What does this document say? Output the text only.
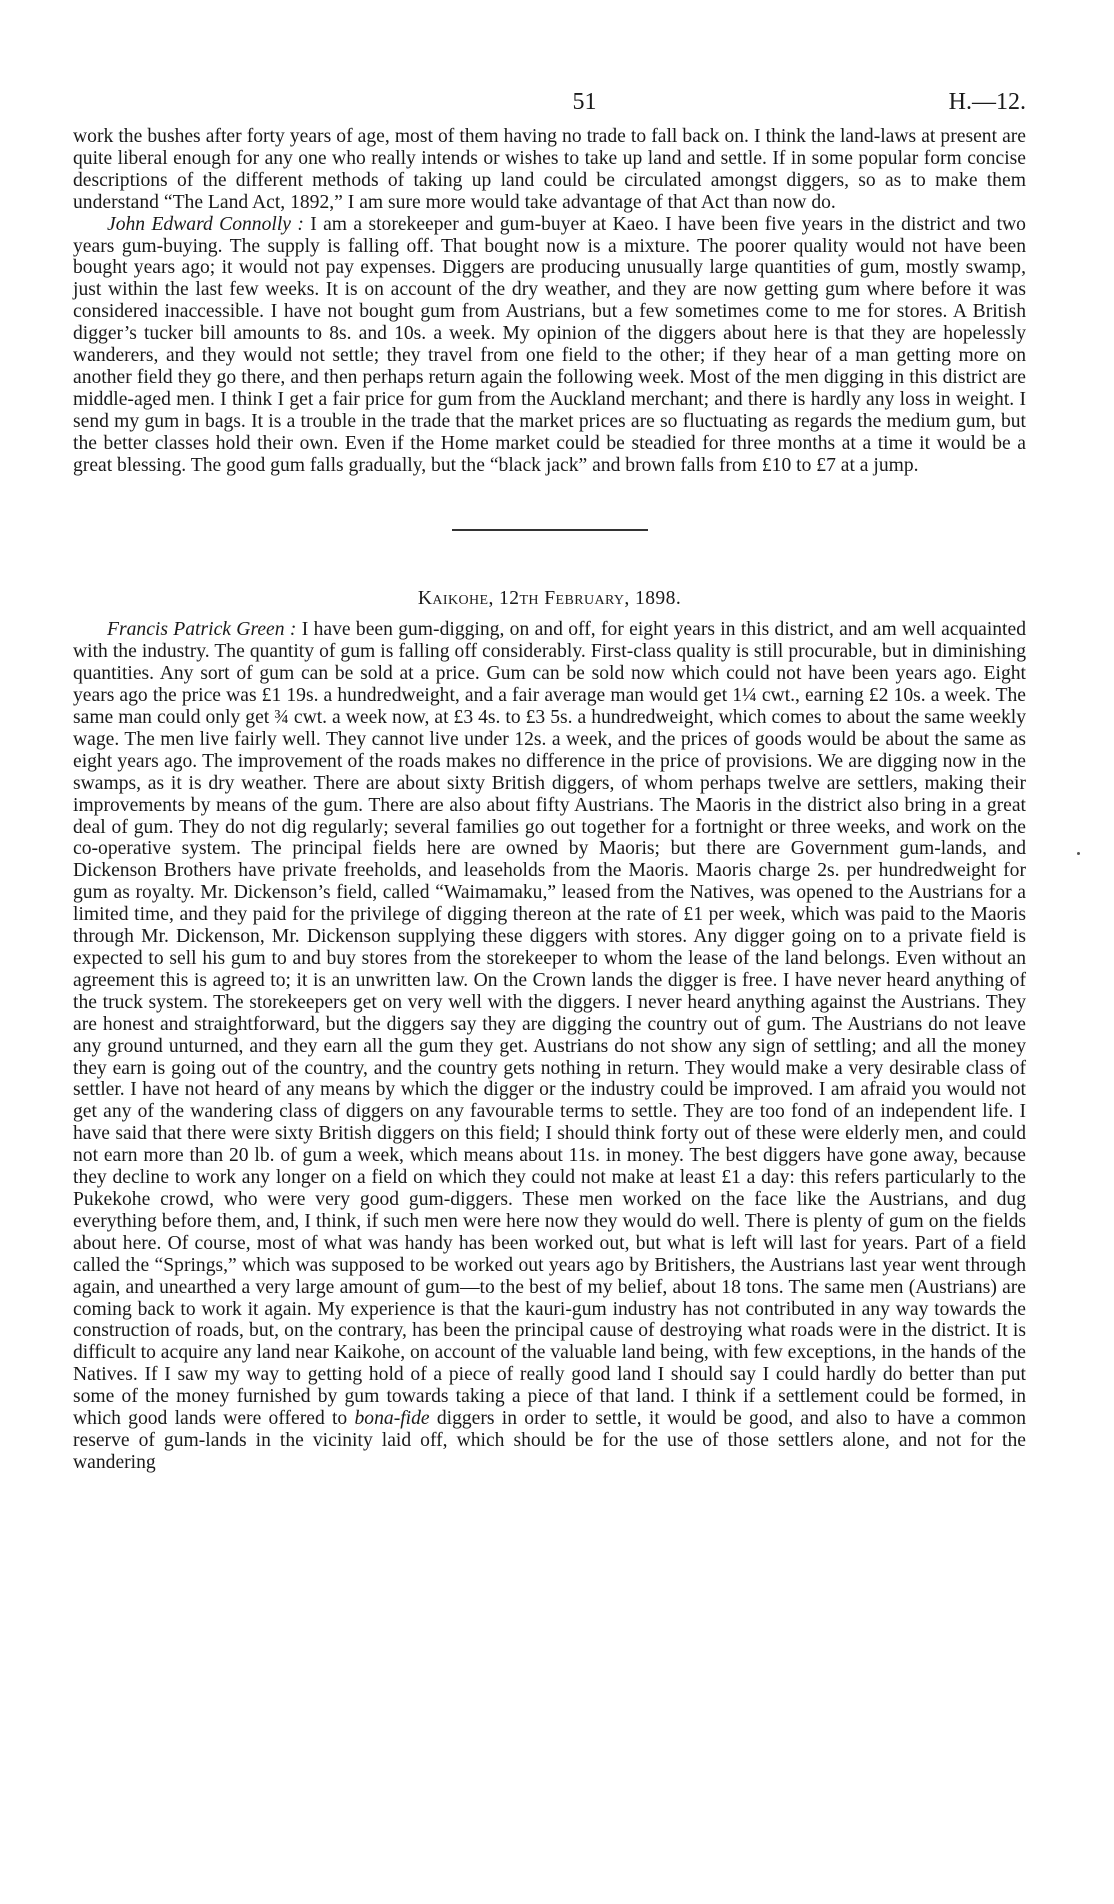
51	H.—12.

work the bushes after forty years of age, most of them having no trade to fall back on. I think the land-laws at present are quite liberal enough for any one who really intends or wishes to take up land and settle. If in some popular form concise descriptions of the different methods of taking up land could be circulated amongst diggers, so as to make them understand “The Land Act, 1892,” I am sure more would take advantage of that Act than now do.

John Edward Connolly : I am a storekeeper and gum-buyer at Kaeo. I have been five years in the district and two years gum-buying. The supply is falling off. That bought now is a mixture. The poorer quality would not have been bought years ago; it would not pay expenses. Diggers are producing unusually large quantities of gum, mostly swamp, just within the last few weeks. It is on account of the dry weather, and they are now getting gum where before it was considered inaccessible. I have not bought gum from Austrians, but a few sometimes come to me for stores. A British digger’s tucker bill amounts to 8s. and 10s. a week. My opinion of the diggers about here is that they are hopelessly wanderers, and they would not settle; they travel from one field to the other; if they hear of a man getting more on another field they go there, and then perhaps return again the following week. Most of the men digging in this district are middle-aged men. I think I get a fair price for gum from the Auckland merchant; and there is hardly any loss in weight. I send my gum in bags. It is a trouble in the trade that the market prices are so fluctuating as regards the medium gum, but the better classes hold their own. Even if the Home market could be steadied for three months at a time it would be a great blessing. The good gum falls gradually, but the “black jack” and brown falls from £10 to £7 at a jump.

Kaikohe, 12th February, 1898.

Francis Patrick Green : I have been gum-digging, on and off, for eight years in this district, and am well acquainted with the industry. The quantity of gum is falling off considerably. First-class quality is still procurable, but in diminishing quantities. Any sort of gum can be sold at a price. Gum can be sold now which could not have been years ago. Eight years ago the price was £1 19s. a hundredweight, and a fair average man would get 1¼ cwt., earning £2 10s. a week. The same man could only get ¾ cwt. a week now, at £3 4s. to £3 5s. a hundredweight, which comes to about the same weekly wage. The men live fairly well. They cannot live under 12s. a week, and the prices of goods would be about the same as eight years ago. The improvement of the roads makes no difference in the price of provisions. We are digging now in the swamps, as it is dry weather. There are about sixty British diggers, of whom perhaps twelve are settlers, making their improvements by means of the gum. There are also about fifty Austrians. The Maoris in the district also bring in a great deal of gum. They do not dig regularly; several families go out together for a fortnight or three weeks, and work on the co-operative system. The principal fields here are owned by Maoris; but there are Government gum-lands, and Dickenson Brothers have private freeholds, and leaseholds from the Maoris. Maoris charge 2s. per hundredweight for gum as royalty. Mr. Dickenson’s field, called “Waimamaku,” leased from the Natives, was opened to the Austrians for a limited time, and they paid for the privilege of digging thereon at the rate of £1 per week, which was paid to the Maoris through Mr. Dickenson, Mr. Dickenson supplying these diggers with stores. Any digger going on to a private field is expected to sell his gum to and buy stores from the storekeeper to whom the lease of the land belongs. Even without an agreement this is agreed to; it is an unwritten law. On the Crown lands the digger is free. I have never heard anything of the truck system. The storekeepers get on very well with the diggers. I never heard anything against the Austrians. They are honest and straightforward, but the diggers say they are digging the country out of gum. The Austrians do not leave any ground unturned, and they earn all the gum they get. Austrians do not show any sign of settling; and all the money they earn is going out of the country, and the country gets nothing in return. They would make a very desirable class of settler. I have not heard of any means by which the digger or the industry could be improved. I am afraid you would not get any of the wandering class of diggers on any favourable terms to settle. They are too fond of an independent life. I have said that there were sixty British diggers on this field; I should think forty out of these were elderly men, and could not earn more than 20 lb. of gum a week, which means about 11s. in money. The best diggers have gone away, because they decline to work any longer on a field on which they could not make at least £1 a day: this refers particularly to the Pukekohe crowd, who were very good gum-diggers. These men worked on the face like the Austrians, and dug everything before them, and, I think, if such men were here now they would do well. There is plenty of gum on the fields about here. Of course, most of what was handy has been worked out, but what is left will last for years. Part of a field called the “Springs,” which was supposed to be worked out years ago by Britishers, the Austrians last year went through again, and unearthed a very large amount of gum—to the best of my belief, about 18 tons. The same men (Austrians) are coming back to work it again. My experience is that the kauri-gum industry has not contributed in any way towards the construction of roads, but, on the contrary, has been the principal cause of destroying what roads were in the district. It is difficult to acquire any land near Kaikohe, on account of the valuable land being, with few exceptions, in the hands of the Natives. If I saw my way to getting hold of a piece of really good land I should say I could hardly do better than put some of the money furnished by gum towards taking a piece of that land. I think if a settlement could be formed, in which good lands were offered to bona-fide diggers in order to settle, it would be good, and also to have a common reserve of gum-lands in the vicinity laid off, which should be for the use of those settlers alone, and not for the wandering
